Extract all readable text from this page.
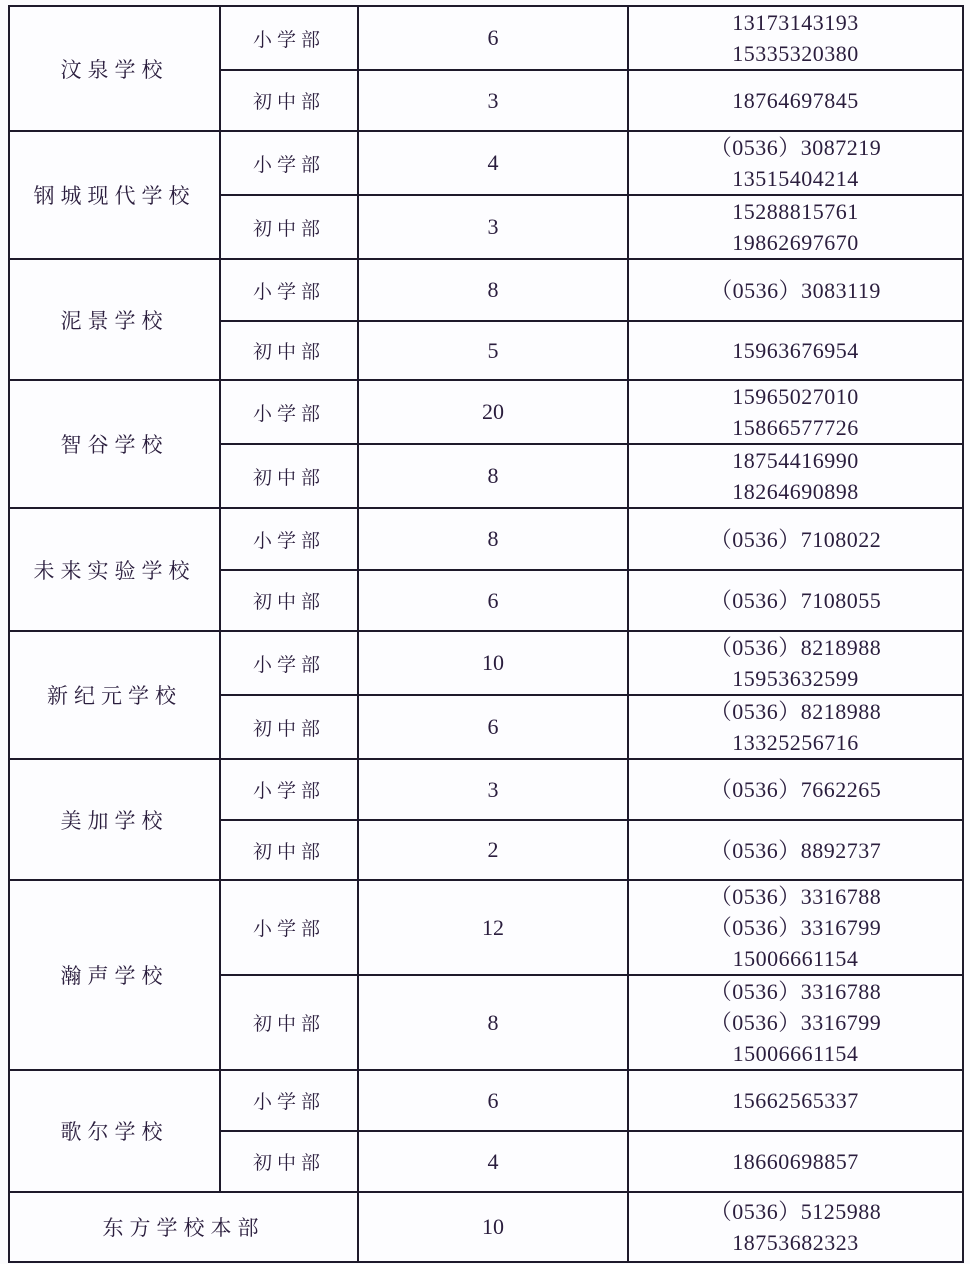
汶泉学校	小学部	6	13173143193
15335320380

	初中部	3	18764697845

钢城现代学校	小学部	4	（0536）3087219
13515404214

	初中部	3	15288815761
19862697670

泥景学校	小学部	8	（0536）3083119

	初中部	5	15963676954

智谷学校	小学部	20	15965027010
15866577726

	初中部	8	18754416990
18264690898

未来实验学校	小学部	8	（0536）7108022

	初中部	6	（0536）7108055

新纪元学校	小学部	10	（0536）8218988
15953632599

	初中部	6	（0536）8218988
13325256716

美加学校	小学部	3	（0536）7662265

	初中部	2	（0536）8892737

瀚声学校	小学部	12	（0536）3316788
（0536）3316799
15006661154

	初中部	8	（0536）3316788
（0536）3316799
15006661154

歌尔学校	小学部	6	15662565337

	初中部	4	18660698857

东方学校本部		10	（0536）5125988
18753682323
